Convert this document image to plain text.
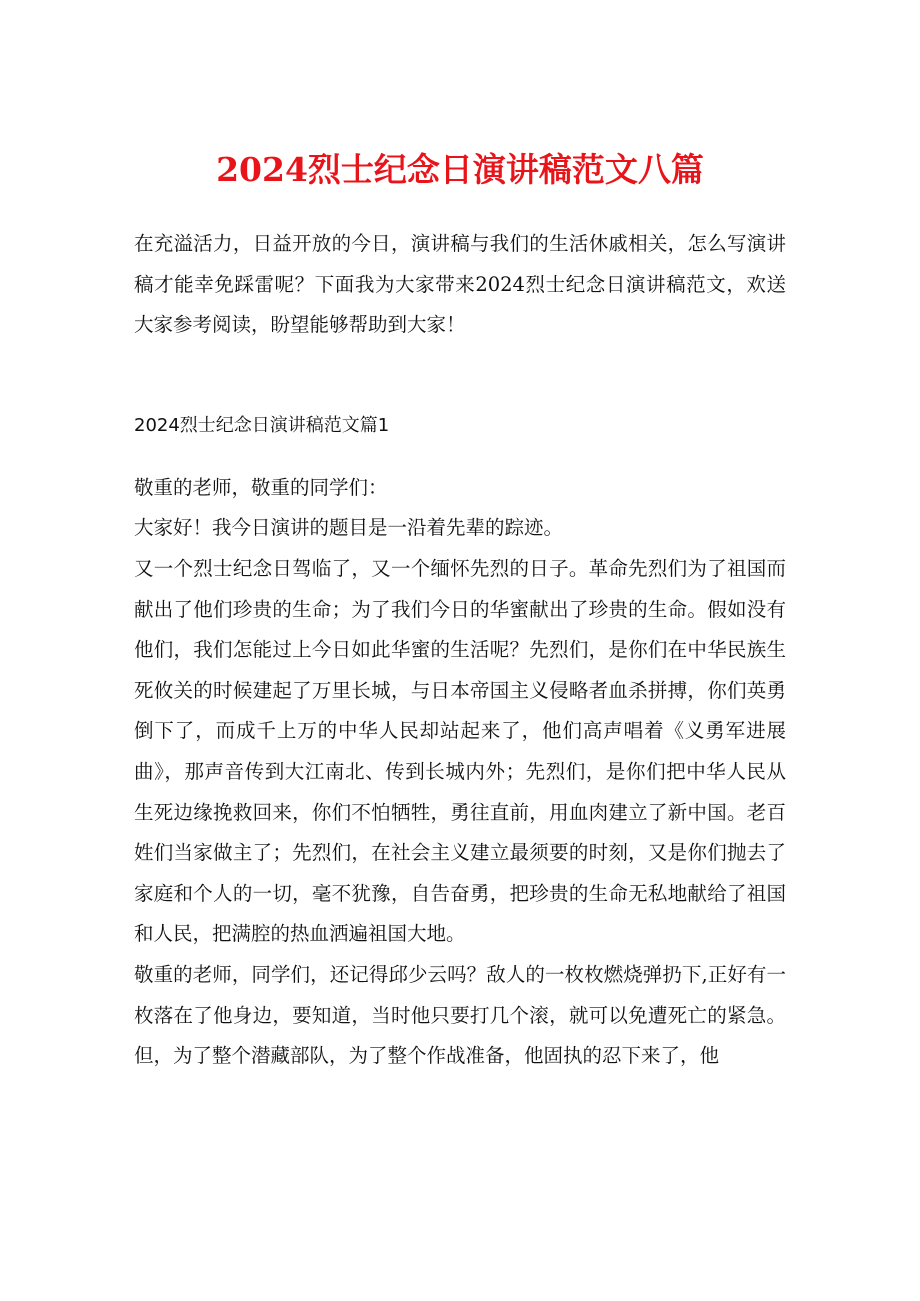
2024烈士纪念日演讲稿范文八篇

在充溢活力，日益开放的今日，演讲稿与我们的生活休戚相关，怎么写演讲稿才能幸免踩雷呢？下面我为大家带来2024烈士纪念日演讲稿范文，欢送大家参考阅读，盼望能够帮助到大家！

2024烈士纪念日演讲稿范文篇1

敬重的老师，敬重的同学们：

大家好！我今日演讲的题目是一沿着先辈的踪迹。

又一个烈士纪念日驾临了，又一个缅怀先烈的日子。革命先烈们为了祖国而献出了他们珍贵的生命；为了我们今日的华蜜献出了珍贵的生命。假如没有他们，我们怎能过上今日如此华蜜的生活呢？先烈们，是你们在中华民族生死攸关的时候建起了万里长城，与日本帝国主义侵略者血杀拼搏，你们英勇倒下了，而成千上万的中华人民却站起来了，他们高声唱着《义勇军进展曲》，那声音传到大江南北、传到长城内外；先烈们，是你们把中华人民从生死边缘挽救回来，你们不怕牺牲，勇往直前，用血肉建立了新中国。老百姓们当家做主了；先烈们，在社会主义建立最须要的时刻，又是你们抛去了家庭和个人的一切，毫不犹豫，自告奋勇，把珍贵的生命无私地献给了祖国和人民，把满腔的热血洒遍祖国大地。

敬重的老师，同学们，还记得邱少云吗？敌人的一枚枚燃烧弹扔下,正好有一枚落在了他身边，要知道，当时他只要打几个滚，就可以免遭死亡的紧急。但，为了整个潜藏部队，为了整个作战准备，他固执的忍下来了，他
